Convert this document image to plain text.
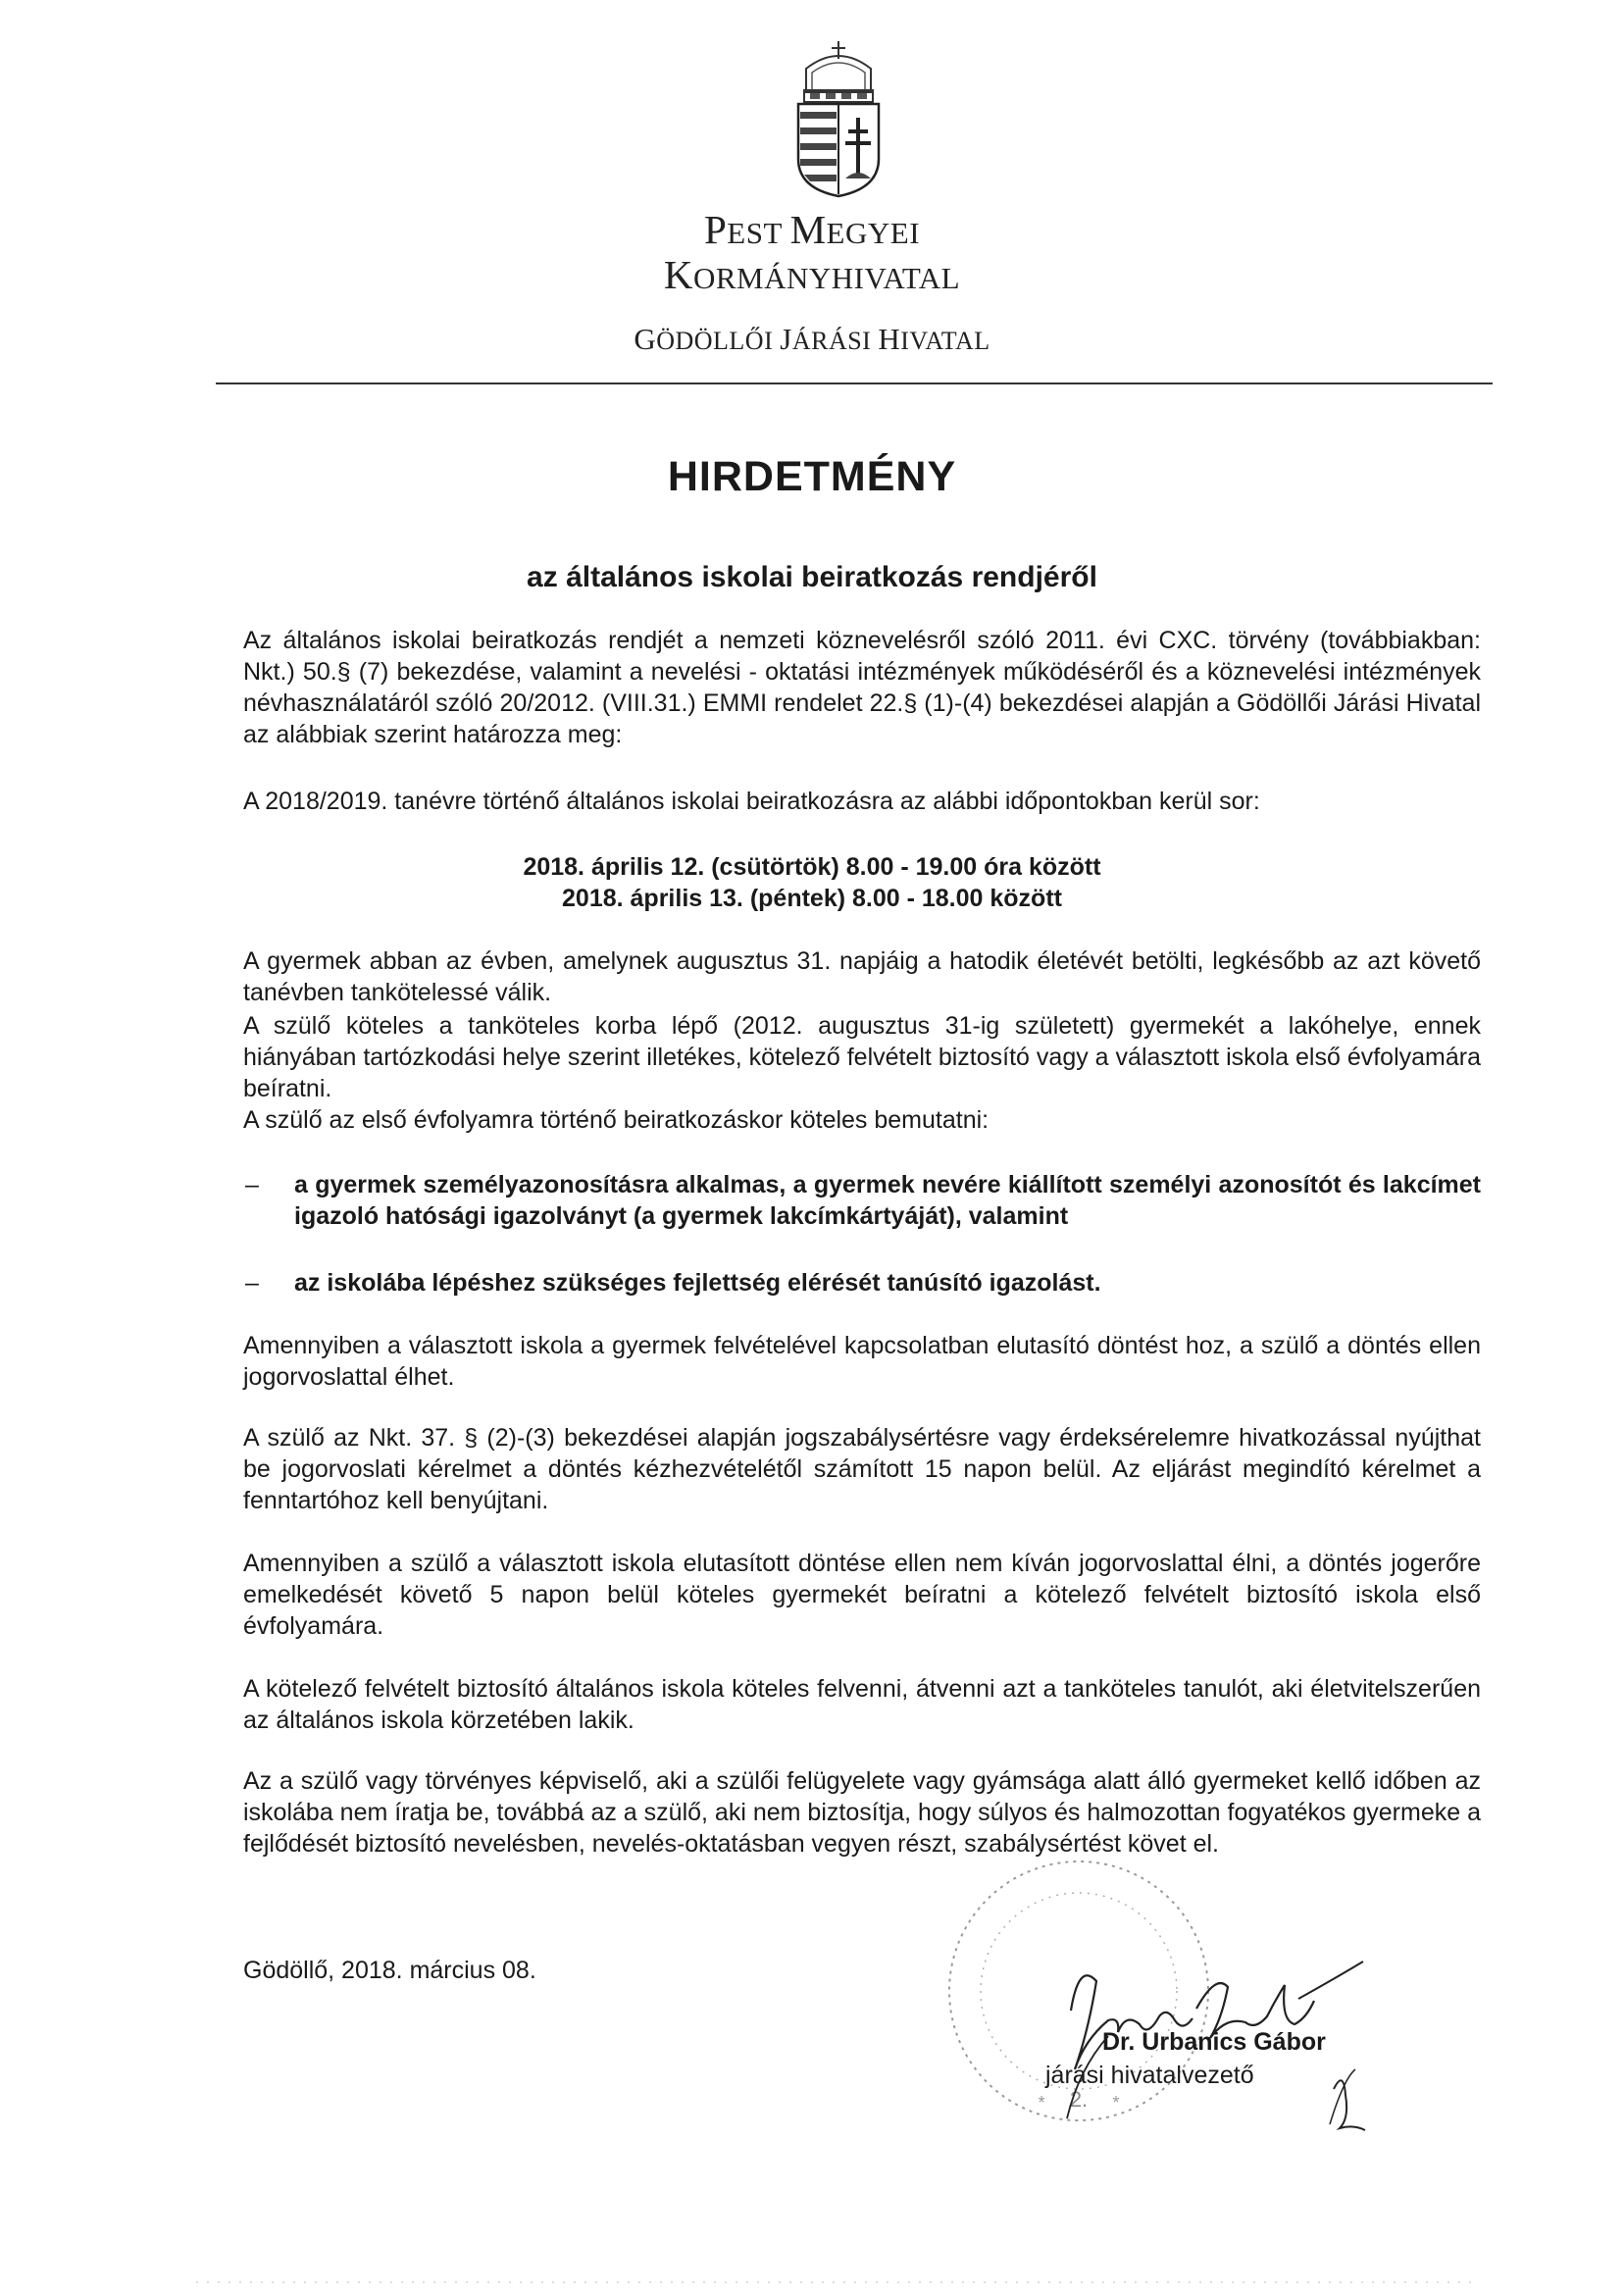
PEST MEGYEI
KORMÁNYHIVATAL
GÖDÖLLŐI JÁRÁSI HIVATAL
HIRDETMÉNY
az általános iskolai beiratkozás rendjéről
Az általános iskolai beiratkozás rendjét a nemzeti köznevelésről szóló 2011. évi CXC. törvény (továbbiakban: Nkt.) 50.§ (7) bekezdése, valamint a nevelési - oktatási intézmények működéséről és a köznevelési intézmények névhasználatáról szóló 20/2012. (VIII.31.) EMMI rendelet 22.§ (1)-(4) bekezdései alapján a Gödöllői Járási Hivatal az alábbiak szerint határozza meg:
A 2018/2019. tanévre történő általános iskolai beiratkozásra az alábbi időpontokban kerül sor:
2018. április 12. (csütörtök) 8.00 - 19.00 óra között
2018. április 13. (péntek) 8.00 - 18.00 között
A gyermek abban az évben, amelynek augusztus 31. napjáig a hatodik életévét betölti, legkésőbb az azt követő tanévben tankötelessé válik.
A szülő köteles a tanköteles korba lépő (2012. augusztus 31-ig született) gyermekét a lakóhelye, ennek hiányában tartózkodási helye szerint illetékes, kötelező felvételt biztosító vagy a választott iskola első évfolyamára beíratni.
A szülő az első évfolyamra történő beiratkozáskor köteles bemutatni:
– a gyermek személyazonosításra alkalmas, a gyermek nevére kiállított személyi azonosítót és lakcímet igazoló hatósági igazolványt (a gyermek lakcímkártyáját), valamint
– az iskolába lépéshez szükséges fejlettség elérését tanúsító igazolást.
Amennyiben a választott iskola a gyermek felvételével kapcsolatban elutasító döntést hoz, a szülő a döntés ellen jogorvoslattal élhet.
A szülő az Nkt. 37. § (2)-(3) bekezdései alapján jogszabálysértésre vagy érdeksérelemre hivatkozással nyújthat be jogorvoslati kérelmet a döntés kézhezvételétől számított 15 napon belül. Az eljárást megindító kérelmet a fenntartóhoz kell benyújtani.
Amennyiben a szülő a választott iskola elutasított döntése ellen nem kíván jogorvoslattal élni, a döntés jogerőre emelkedését követő 5 napon belül köteles gyermekét beíratni a kötelező felvételt biztosító iskola első évfolyamára.
A kötelező felvételt biztosító általános iskola köteles felvenni, átvenni azt a tanköteles tanulót, aki életvitelszerűen az általános iskola körzetében lakik.
Az a szülő vagy törvényes képviselő, aki a szülői felügyelete vagy gyámsága alatt álló gyermeket kellő időben az iskolába nem íratja be, továbbá az a szülő, aki nem biztosítja, hogy súlyos és halmozottan fogyatékos gyermeke a fejlődését biztosító nevelésben, nevelés-oktatásban vegyen részt, szabálysértést követ el.
Gödöllő, 2018. március 08.
2.
*	*
Dr. Urbanics Gábor
járási hivatalvezető
